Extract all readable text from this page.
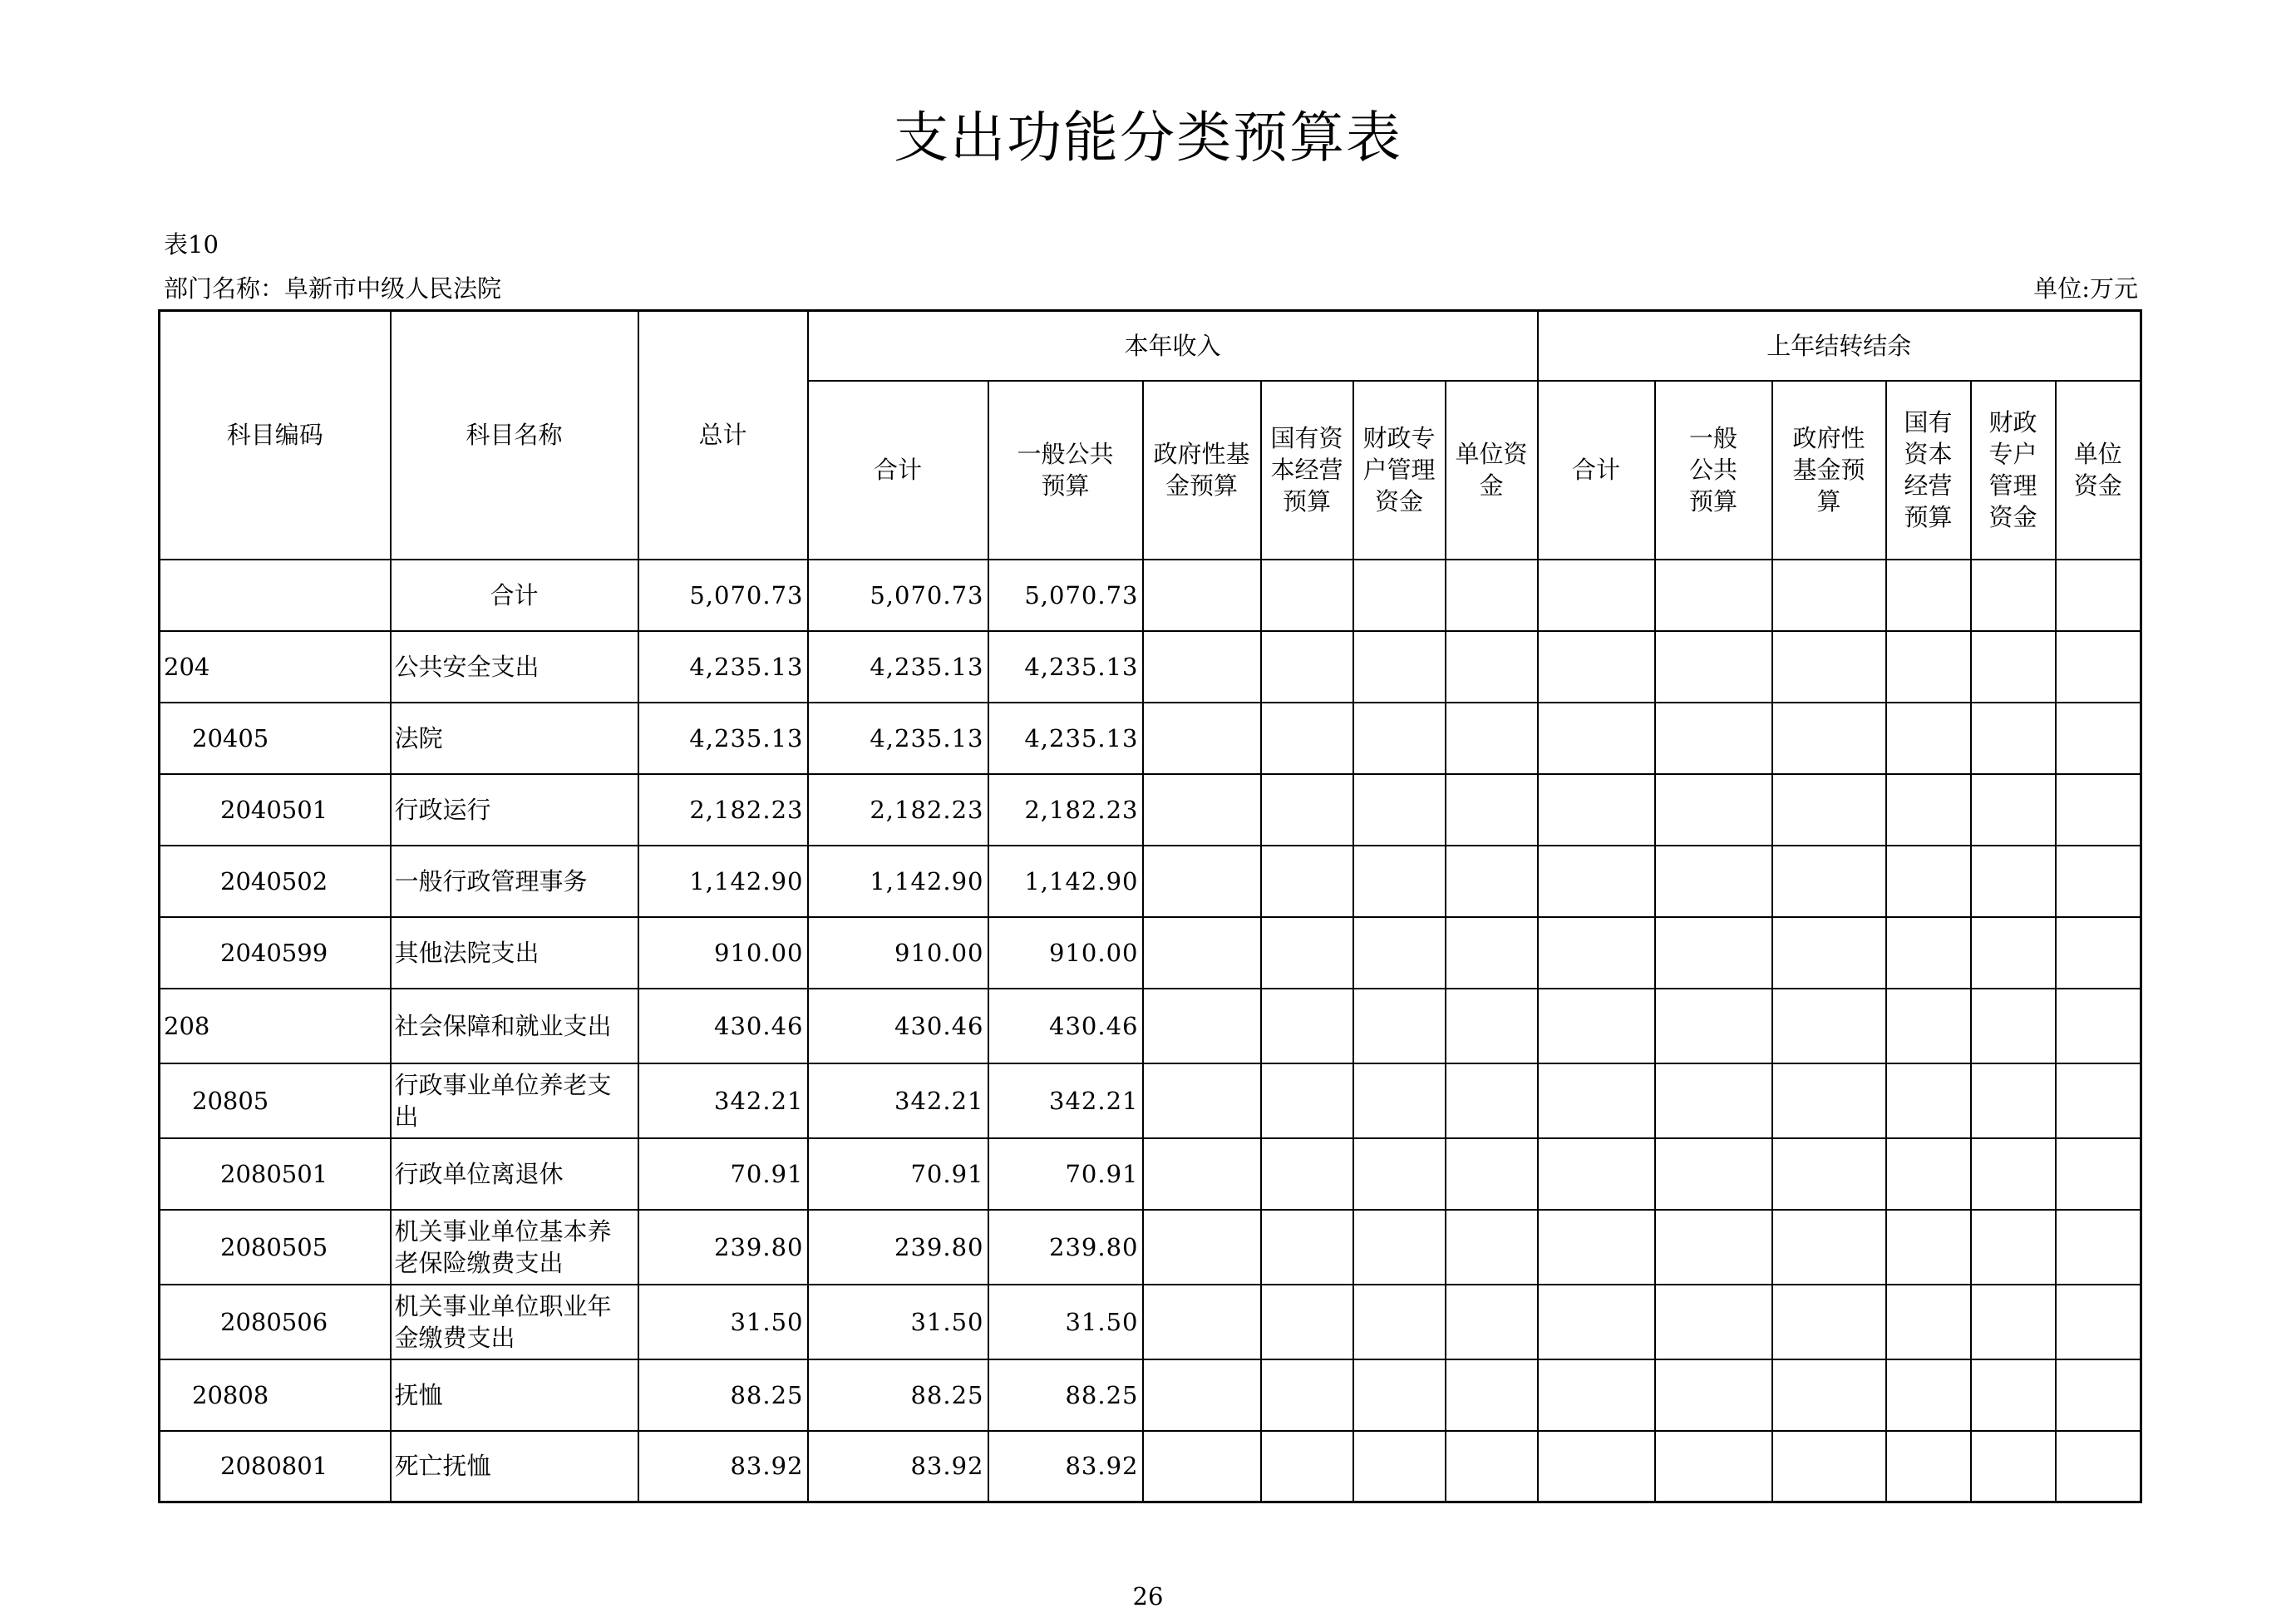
支出功能分类预算表
表10
部门名称：阜新市中级人民法院	单位:万元
科目编码	科目名称	总计	本年收入						上年结转结余					
			合计	一般公共预算	政府性基金预算	国有资本经营预算	财政专户管理资金	单位资金	合计	一般公共预算	政府性基金预算	国有资本经营预算	财政专户管理资金	单位资金
	合计	5,070.73	5,070.73	5,070.73										
204	公共安全支出	4,235.13	4,235.13	4,235.13										
20405	法院	4,235.13	4,235.13	4,235.13										
2040501	行政运行	2,182.23	2,182.23	2,182.23										
2040502	一般行政管理事务	1,142.90	1,142.90	1,142.90										
2040599	其他法院支出	910.00	910.00	910.00										
208	社会保障和就业支出	430.46	430.46	430.46										
20805	行政事业单位养老支出	342.21	342.21	342.21										
2080501	行政单位离退休	70.91	70.91	70.91										
2080505	机关事业单位基本养老保险缴费支出	239.80	239.80	239.80										
2080506	机关事业单位职业年金缴费支出	31.50	31.50	31.50										
20808	抚恤	88.25	88.25	88.25										
2080801	死亡抚恤	83.92	83.92	83.92										
26
